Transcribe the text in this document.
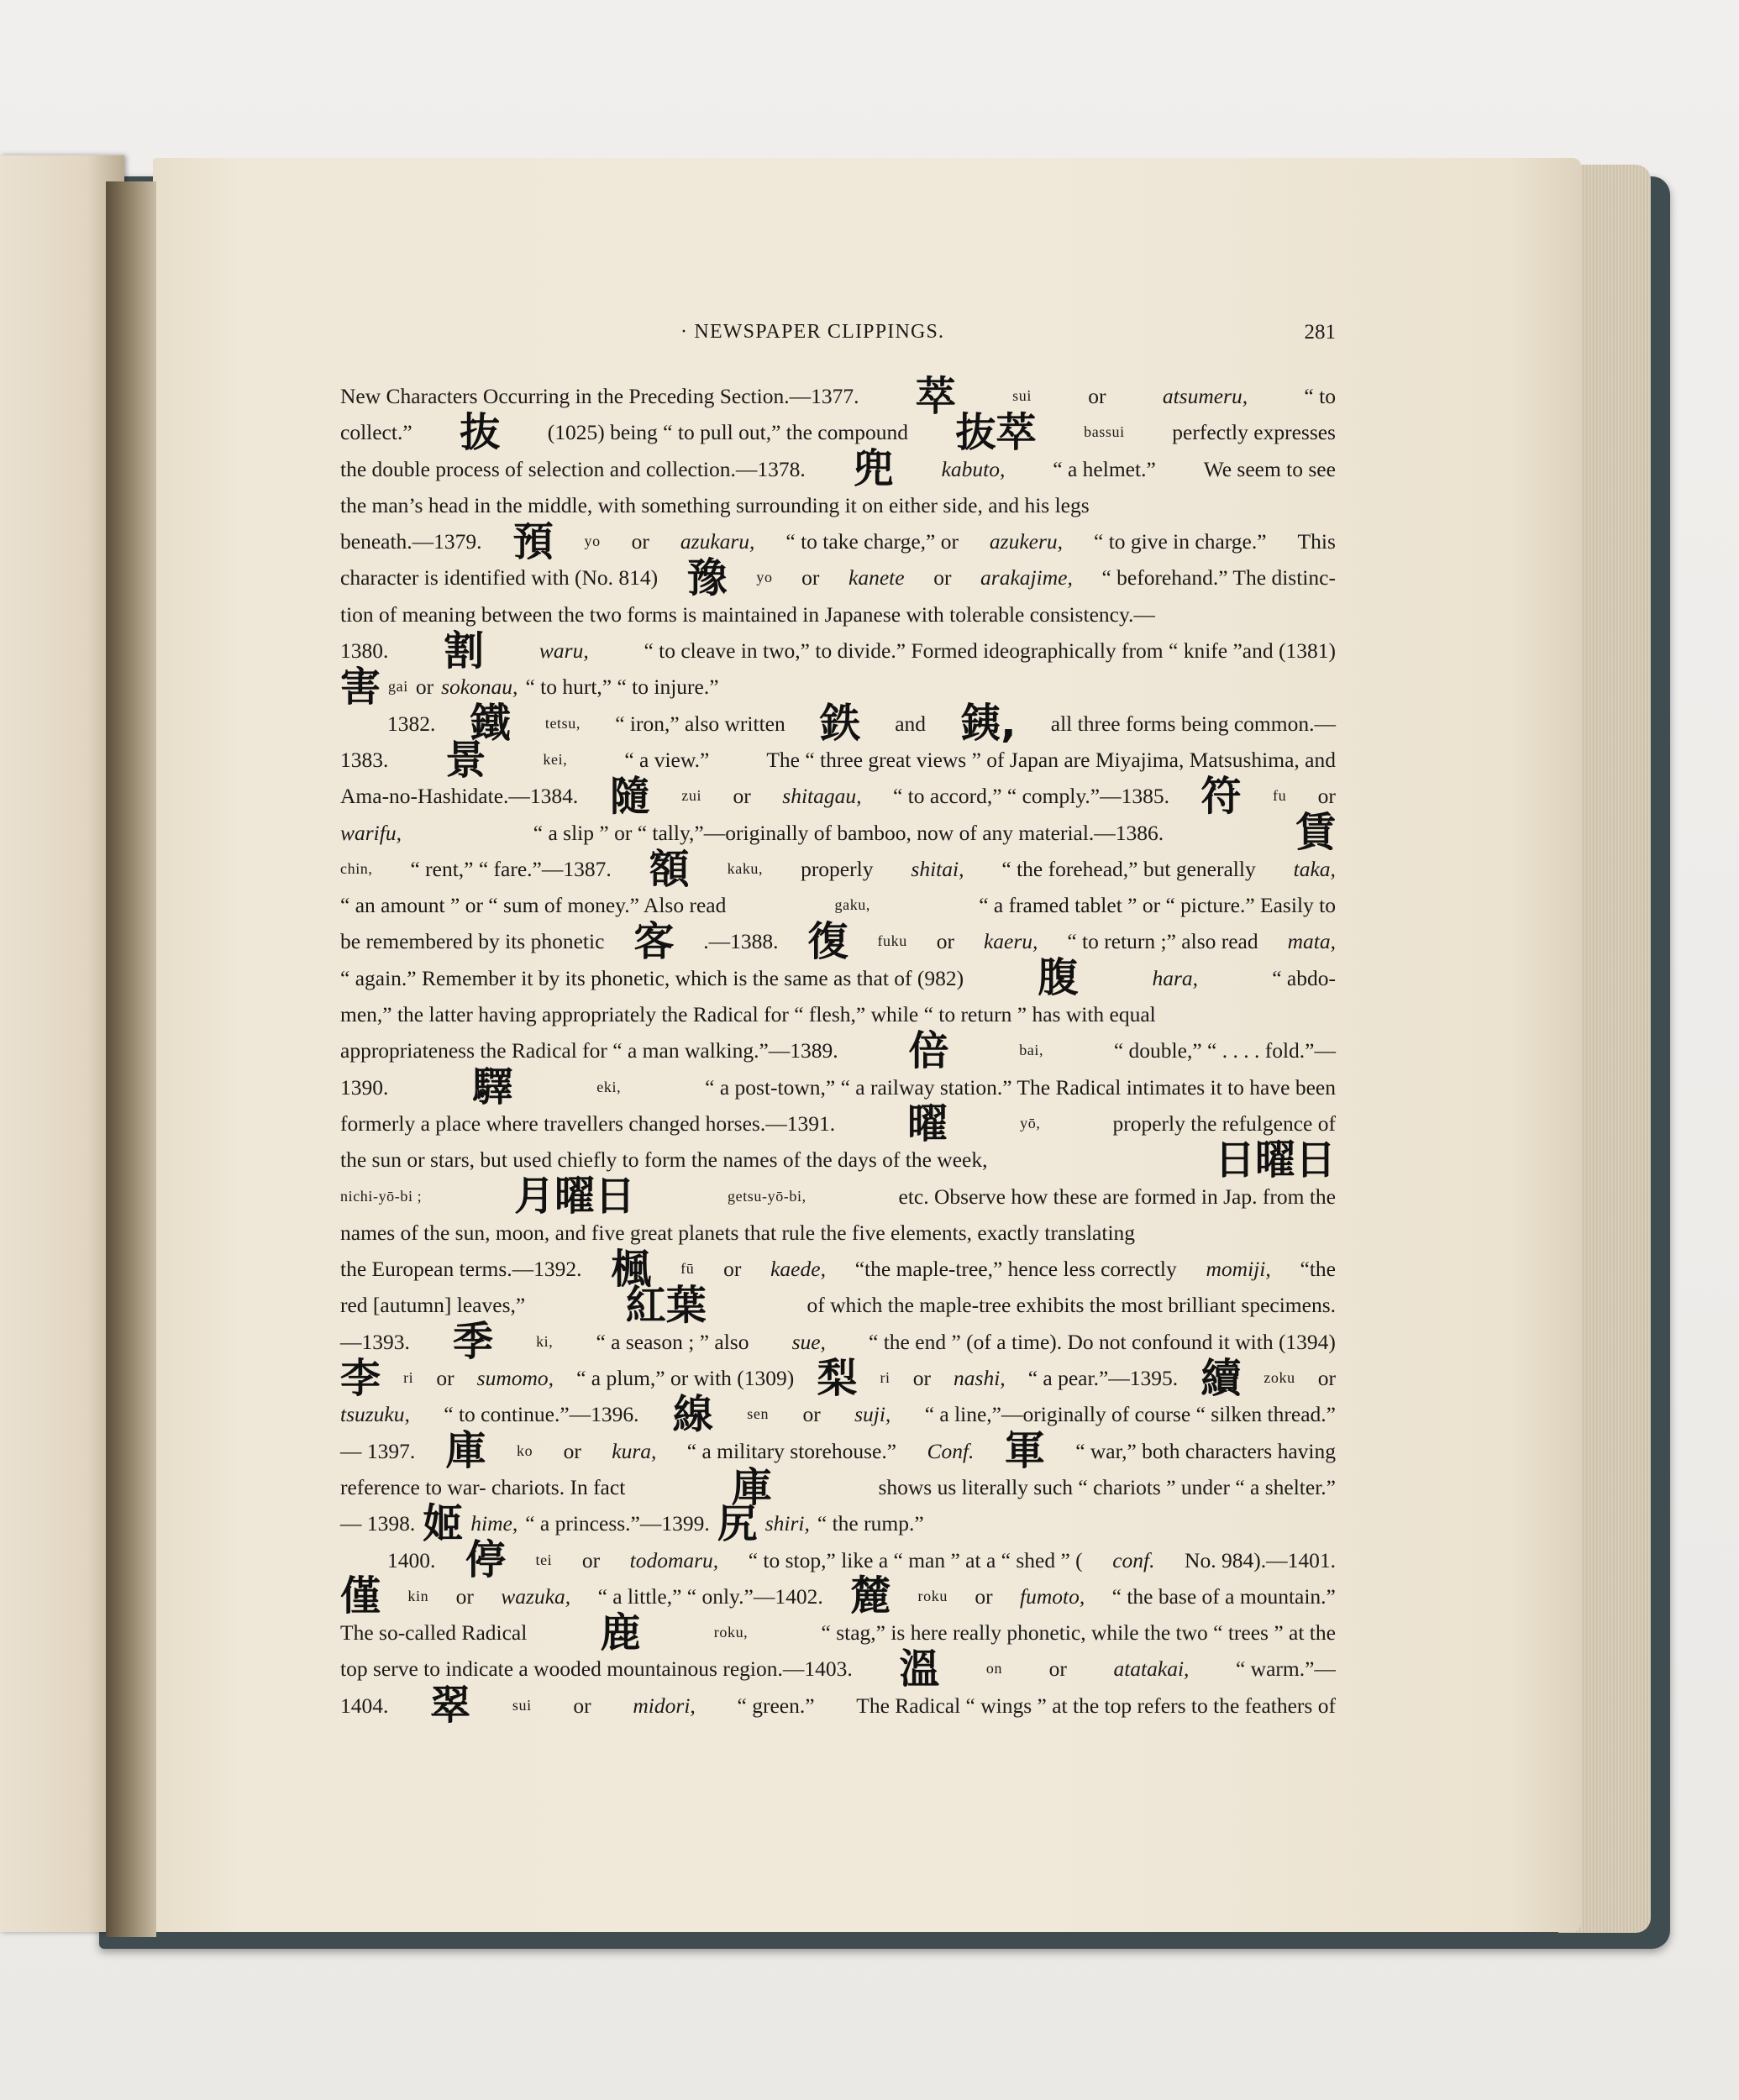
· NEWSPAPER CLIPPINGS.	281
New Characters Occurring in the Preceding Section.—1377. 萃	sui	or	atsumeru,	“ to
collect.” 抜 (1025) being “ to pull out,” the compound 抜萃	bassui perfectly expresses
the double process of selection and collection.—1378. 兜 kabuto, “ a helmet.” We seem to see
the man’s head in the middle, with something surrounding it on either side, and his legs
beneath.—1379. 預 yo or azukaru, “ to take charge,” or azukeru, “ to give in charge.” This
character is identified with (No. 814) 豫 yo or kanete or arakajime, “ beforehand.” The distinc-
tion of meaning between the two forms is maintained in Japanese with tolerable consistency.—
1380. 割	waru,	“ to cleave in two,” to divide.” Formed ideographically from “ knife ”and (1381)
害 gai or sokonau, “ to hurt,” “ to injure.”
1382. 鐵 tetsu, “ iron,” also written 鉄 and 銕, all three forms being common.—
1383. 景	kei,	“ a view.”	The “ three great views ” of Japan are Miyajima, Matsushima, and
Ama-no-Hashidate.—1384. 隨 zui or shitagau, “ to accord,” “ comply.”—1385. 符 fu or
warifu,	“ a slip ” or “ tally,”—originally of bamboo, now of any material.—1386.	賃
chin, “ rent,” “ fare.”—1387. 額 kaku, properly shitai, “ the forehead,” but generally taka,
“ an amount ” or “ sum of money.” Also read	gaku,	“ a framed tablet ” or “ picture.” Easily to
be remembered by its phonetic 客 .—1388. 復 fuku or kaeru, “ to return ;” also read mata,
“ again.” Remember it by its phonetic, which is the same as that of (982) 腹	hara,	“ abdo-
men,” the latter having appropriately the Radical for “ flesh,” while “ to return ” has with equal
appropriateness the Radical for “ a man walking.”—1389. 倍	bai,	“ double,” “ . . . . fold.”—
1390. 驛	eki,	“ a post-town,” “ a railway station.” The Radical intimates it to have been
formerly a place where travellers changed horses.—1391. 曜	yō,	properly the refulgence of
the sun or stars, but used chiefly to form the names of the days of the week,	日曜日
nichi-yō-bi ; 月曜日	getsu-yō-bi,	etc. Observe how these are formed in Jap. from the
names of the sun, moon, and five great planets that rule the five elements, exactly translating
the European terms.—1392. 楓 fū or kaede, “the maple-tree,” hence less correctly momiji, “the
red [autumn] leaves,” 紅葉	of which the maple-tree exhibits the most brilliant specimens.
—1393. 季	ki, “ a season ; ” also sue, “ the end ” (of a time). Do not confound it with (1394)
李 ri or sumomo, “ a plum,” or with (1309) 梨 ri or nashi, “ a pear.”—1395. 續 zoku or
tsuzuku, “ to continue.”—1396. 線 sen or suji, “ a line,”—originally of course “ silken thread.”
— 1397. 庫 ko or kura, “ a military storehouse.” Conf. 軍 “ war,” both characters having
reference to war- chariots. In fact	庫	shows us literally such “ chariots ” under “ a shelter.”
— 1398. 姬 hime, “ a princess.”—1399. 尻 shiri, “ the rump.”
1400. 停 tei or todomaru, “ to stop,” like a “ man ” at a “ shed ” ( conf. No. 984).—1401.
僅 kin or wazuka, “ a little,” “ only.”—1402. 麓 roku or fumoto, “ the base of a mountain.”
The so-called Radical 鹿	roku,	“ stag,” is here really phonetic, while the two “ trees ” at the
top serve to indicate a wooded mountainous region.—1403. 溫	on or atatakai, “ warm.”—
1404. 翠	sui or midori, “ green.” The Radical “ wings ” at the top refers to the feathers of
